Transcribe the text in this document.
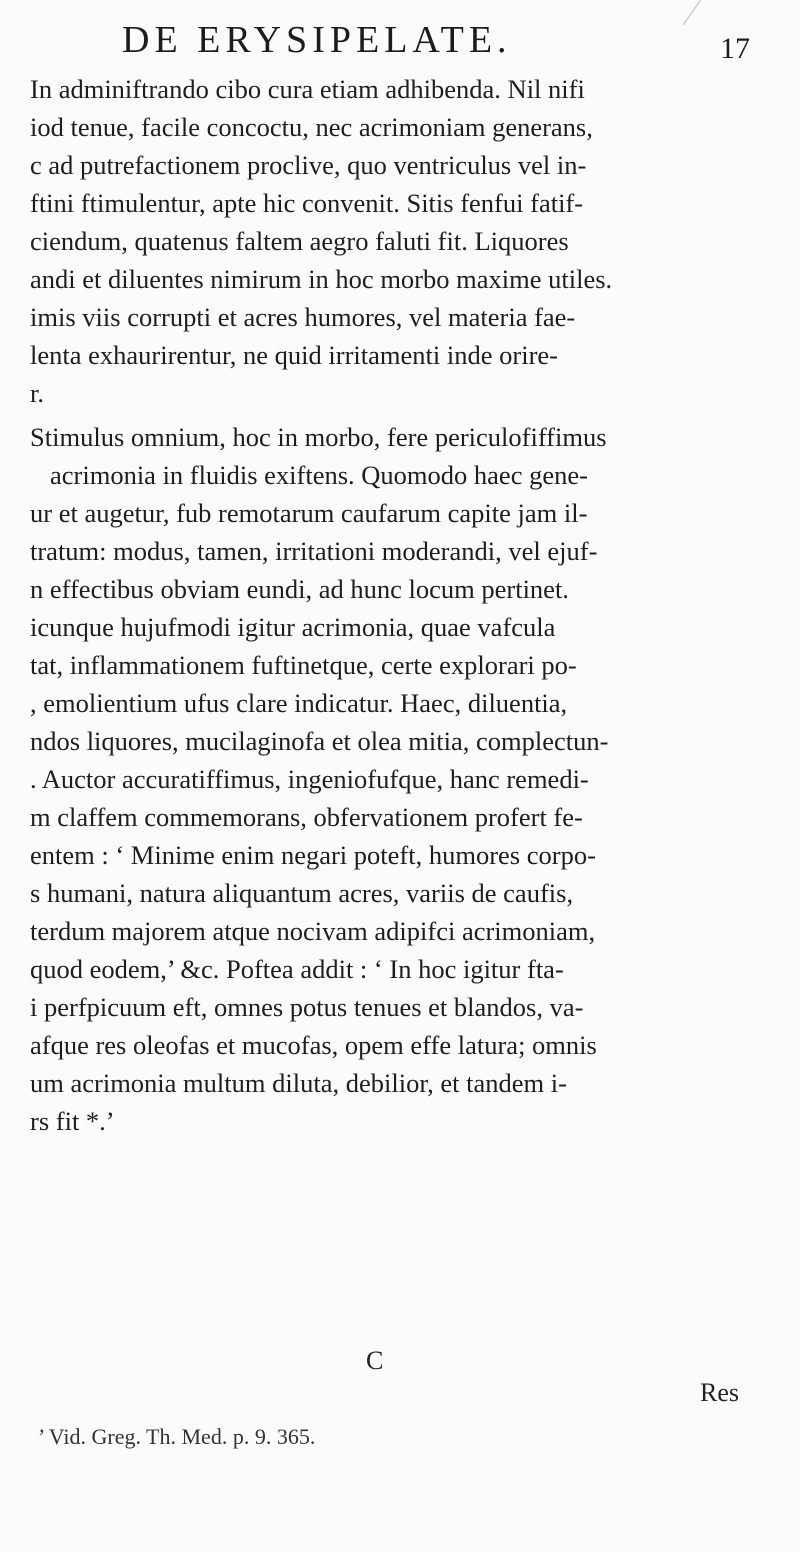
DE ERYSIPELATE.	17
In adminiftrando cibo cura etiam adhibenda. Nil nifi
iod tenue, facile concoctu, nec acrimoniam generans,
c ad putrefactionem proclive, quo ventriculus vel in-
ftini ftimulentur, apte hic convenit. Sitis fenfui fatif-
ciendum, quatenus faltem aegro faluti fit. Liquores
andi et diluentes nimirum in hoc morbo maxime utiles.
imis viis corrupti et acres humores, vel materia fae-
lenta exhaurirentur, ne quid irritamenti inde orire-
r.
Stimulus omnium, hoc in morbo, fere periculofiffimus
acrimonia in fluidis exiftens. Quomodo haec gene-
ur et augetur, fub remotarum caufarum capite jam il-
tratum: modus, tamen, irritationi moderandi, vel ejuf-
n effectibus obviam eundi, ad hunc locum pertinet.
icunque hujufmodi igitur acrimonia, quae vafcula
tat, inflammationem fuftinetque, certe explorari po-
, emolientium ufus clare indicatur. Haec, diluentia,
ndos liquores, mucilaginofa et olea mitia, complectun-
. Auctor accuratiffimus, ingeniofufque, hanc remedi-
m claffem commemorans, obfervationem profert fe-
entem : ‘ Minime enim negari poteft, humores corpo-
s humani, natura aliquantum acres, variis de caufis,
terdum majorem atque nocivam adipifci acrimoniam,
quod eodem,’ &c. Poftea addit : ‘ In hoc igitur fta-
i perfpicuum eft, omnes potus tenues et blandos, va-
afque res oleofas et mucofas, opem effe latura; omnis
um acrimonia multum diluta, debilior, et tandem i-
rs fit *.’
C
Res
’ Vid. Greg. Th. Med. p. 9. 365.
